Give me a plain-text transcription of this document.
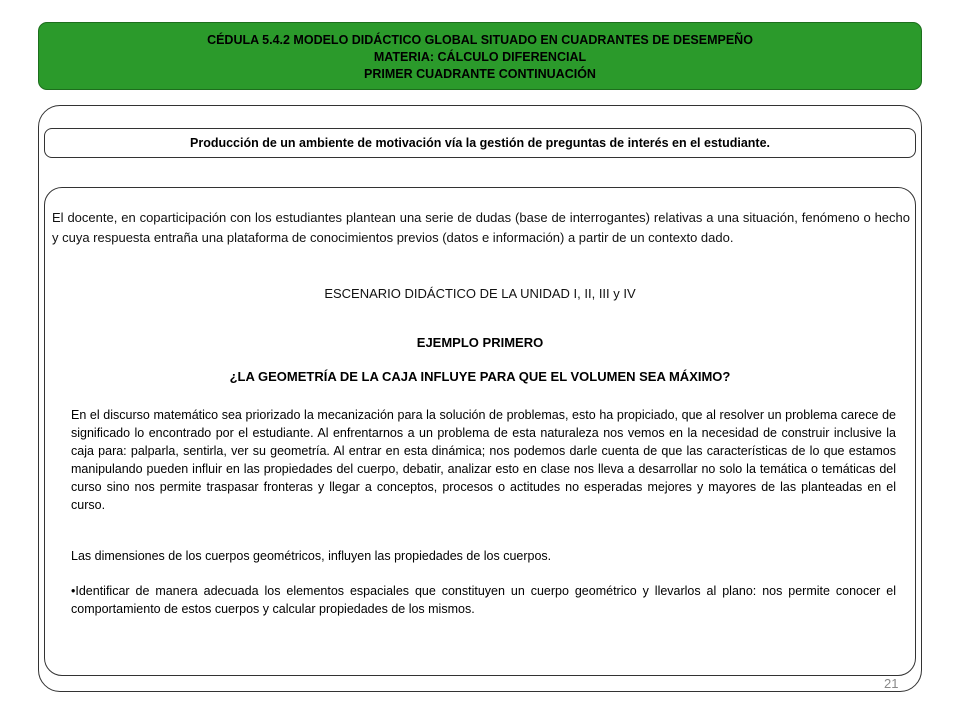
CÉDULA 5.4.2 MODELO DIDÁCTICO GLOBAL SITUADO EN CUADRANTES DE DESEMPEÑO
MATERIA: CÁLCULO DIFERENCIAL
PRIMER CUADRANTE CONTINUACIÓN
Producción de un ambiente de motivación vía la gestión de preguntas de interés en el estudiante.

El docente, en coparticipación con los estudiantes plantean una serie de dudas (base de interrogantes) relativas a una situación, fenómeno o hecho y cuya respuesta entraña una plataforma de conocimientos previos (datos e información) a partir de un contexto dado.

ESCENARIO DIDÁCTICO DE LA UNIDAD I, II, III y IV

EJEMPLO PRIMERO

¿LA GEOMETRÍA DE LA CAJA INFLUYE PARA QUE EL VOLUMEN SEA MÁXIMO?

En el discurso matemático sea priorizado la mecanización para la solución de problemas, esto ha propiciado, que al resolver un problema carece de significado lo encontrado por el estudiante. Al enfrentarnos a un problema de esta naturaleza nos vemos en la necesidad de construir inclusive la caja para: palparla, sentirla, ver su geometría. Al entrar en esta dinámica; nos podemos darle cuenta de que las características de lo que estamos manipulando pueden influir en las propiedades del cuerpo, debatir, analizar esto en clase nos lleva a desarrollar no solo la temática o temáticas del curso sino nos permite traspasar fronteras y llegar a conceptos, procesos o actitudes no esperadas mejores y mayores de las planteadas en el curso.

Las dimensiones de los cuerpos geométricos, influyen las propiedades de los cuerpos.

•Identificar de manera adecuada los elementos espaciales que constituyen un cuerpo geométrico y llevarlos al plano: nos permite conocer el comportamiento de estos cuerpos y calcular propiedades de los mismos.

21
